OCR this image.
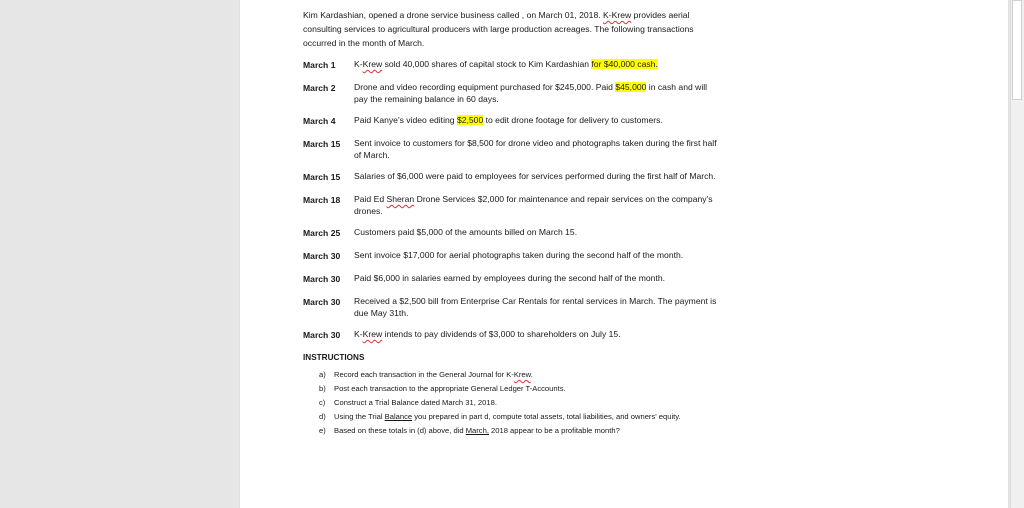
Kim Kardashian, opened a drone service business called , on March 01, 2018. K-Krew provides aerial consulting services to agricultural producers with large production acreages. The following transactions occurred in the month of March.

March 1	K-Krew sold 40,000 shares of capital stock to Kim Kardashian for $40,000 cash.
March 2	Drone and video recording equipment purchased for $245,000. Paid $45,000 in cash and will pay the remaining balance in 60 days.
March 4	Paid Kanye's video editing $2,500 to edit drone footage for delivery to customers.
March 15	Sent invoice to customers for $8,500 for drone video and photographs taken during the first half of March.
March 15	Salaries of $6,000 were paid to employees for services performed during the first half of March.
March 18	Paid Ed Sheran Drone Services $2,000 for maintenance and repair services on the company's drones.
March 25	Customers paid $5,000 of the amounts billed on March 15.
March 30	Sent invoice $17,000 for aerial photographs taken during the second half of the month.
March 30	Paid $6,000 in salaries earned by employees during the second half of the month.
March 30	Received a $2,500 bill from Enterprise Car Rentals for rental services in March. The payment is due May 31th.
March 30	K-Krew intends to pay dividends of $3,000 to shareholders on July 15.
INSTRUCTIONS
a)	Record each transaction in the General Journal for K-Krew.
b)	Post each transaction to the appropriate General Ledger T-Accounts.
c)	Construct a Trial Balance dated March 31, 2018.
d)	Using the Trial Balance you prepared in part d, compute total assets, total liabilities, and owners' equity.
e)	Based on these totals in (d) above, did March, 2018 appear to be a profitable month?
